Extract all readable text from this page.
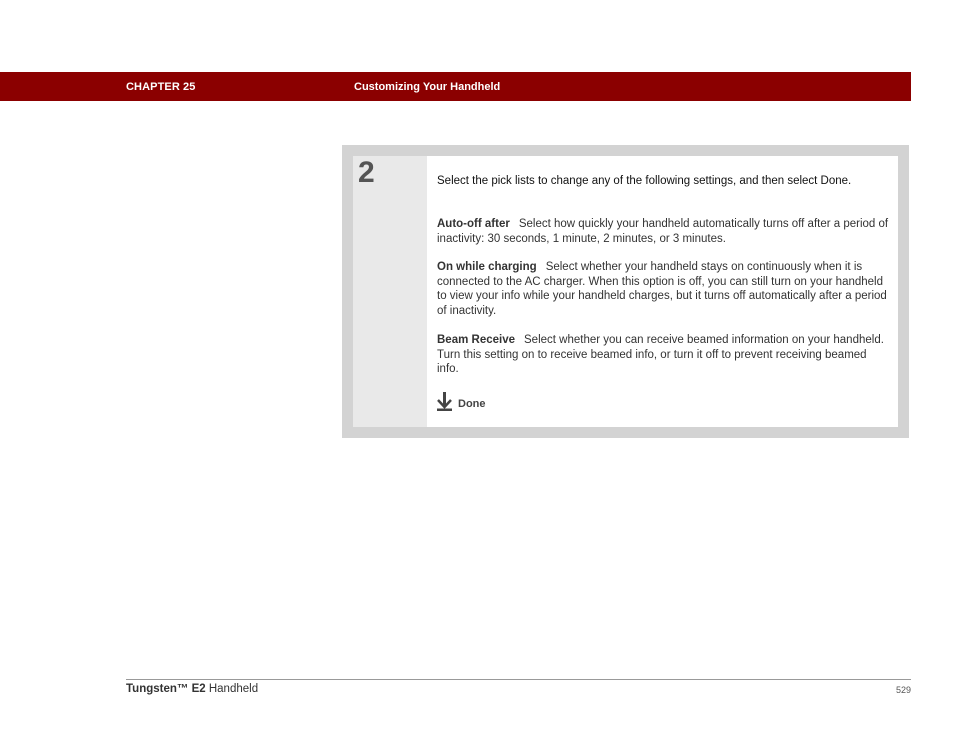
CHAPTER 25	Customizing Your Handheld
2	Select the pick lists to change any of the following settings, and then select Done.
Auto-off after Select how quickly your handheld automatically turns off after a period of inactivity: 30 seconds, 1 minute, 2 minutes, or 3 minutes.
On while charging Select whether your handheld stays on continuously when it is connected to the AC charger. When this option is off, you can still turn on your handheld to view your info while your handheld charges, but it turns off automatically after a period of inactivity.
Beam Receive Select whether you can receive beamed information on your handheld. Turn this setting on to receive beamed info, or turn it off to prevent receiving beamed info.
Done
Tungsten™ E2 Handheld	529
